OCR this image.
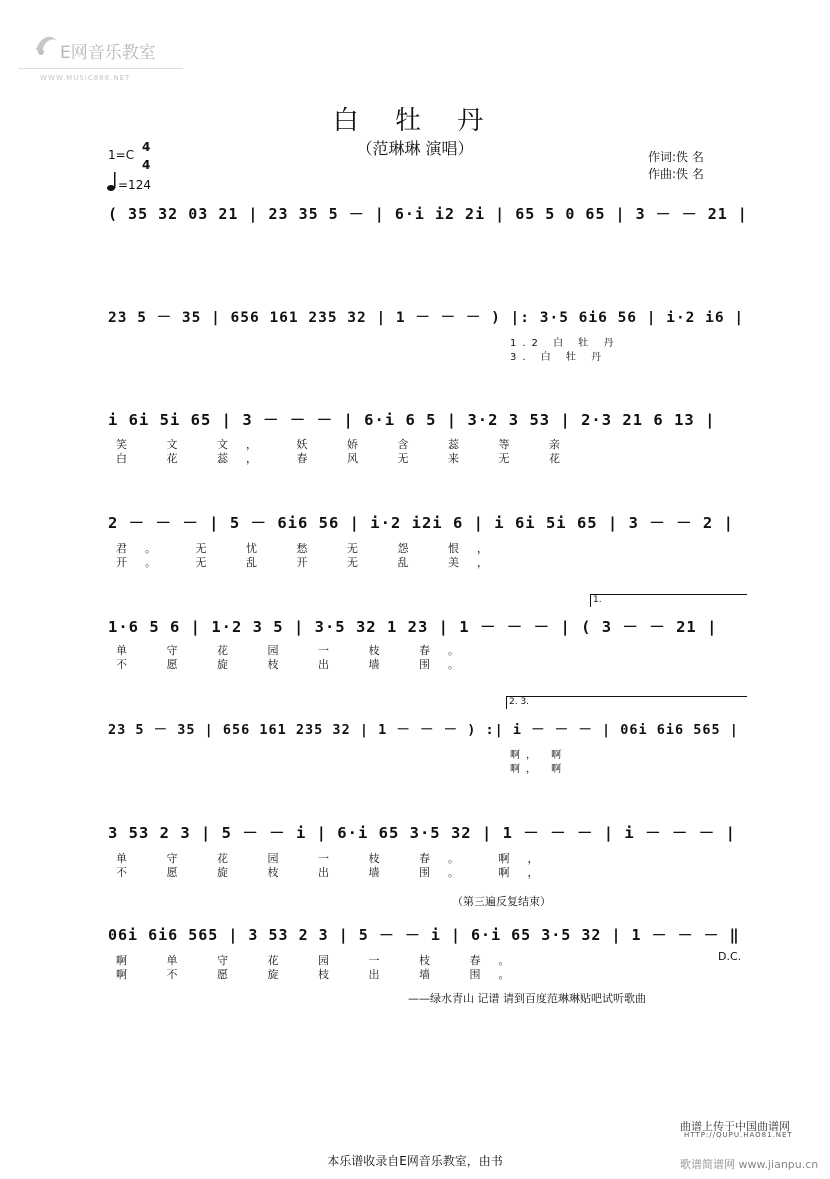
E网音乐教室
WWW.MUSIC888.NET
白 牡 丹
（范琳琳 演唱）	作词:佚 名
作曲:佚 名
1=C
4
4
=124
( 35 32 03 21 | 23 35 5 － | 6·i i2 2i | 65 5 0 65 | 3 － － 21 |
23 5 － 35 | 656 161 235 32 | 1 － － － ) |: 3·5 6i6 56 | i·2 i6 |
1.2 白 牡 丹
3. 白 牡 丹
i 6i 5i 65 | 3 － － － | 6·i 6 5 | 3·2 3 53 | 2·3 21 6 13 |
笑 文 文， 妖 娇 含 蕊 等 亲
白 花 蕊， 春 风 无 来 无 花
2 － － － | 5 － 6i6 56 | i·2 i2i 6 | i 6i 5i 65 | 3 － － 2 |
君。 无 忧 愁 无 怨 恨，
开。 无 乱 开 无 乱 美，
1.
1·6 5 6 | 1·2 3 5 | 3·5 32 1 23 | 1 － － － | ( 3 － － 21 |
单 守 花 园 一 枝 春。
不 愿 旋 枝 出 墙 围。
2. 3.
23 5 － 35 | 656 161 235 32 | 1 － － － ) :| i － － － | 06i 6i6 565 |
啊， 啊
啊， 啊
3 53 2 3 | 5 － － i | 6·i 65 3·5 32 | 1 － － － | i － － － |
单 守 花 园 一 枝 春。 啊，
不 愿 旋 枝 出 墙 围。 啊，
（第三遍反复结束）
06i 6i6 565 | 3 53 2 3 | 5 － － i | 6·i 65 3·5 32 | 1 － － － ‖
啊 单 守 花 园 一 枝 春。
啊 不 愿 旋 枝 出 墙 围。
D.C.
——绿水青山 记谱 请到百度范琳琳贴吧试听歌曲
曲谱上传于中国曲谱网
HTTP://QUPU.HAO81.NET
本乐谱收录自E网音乐教室，由书	歌谱简谱网 www.jianpu.cn
